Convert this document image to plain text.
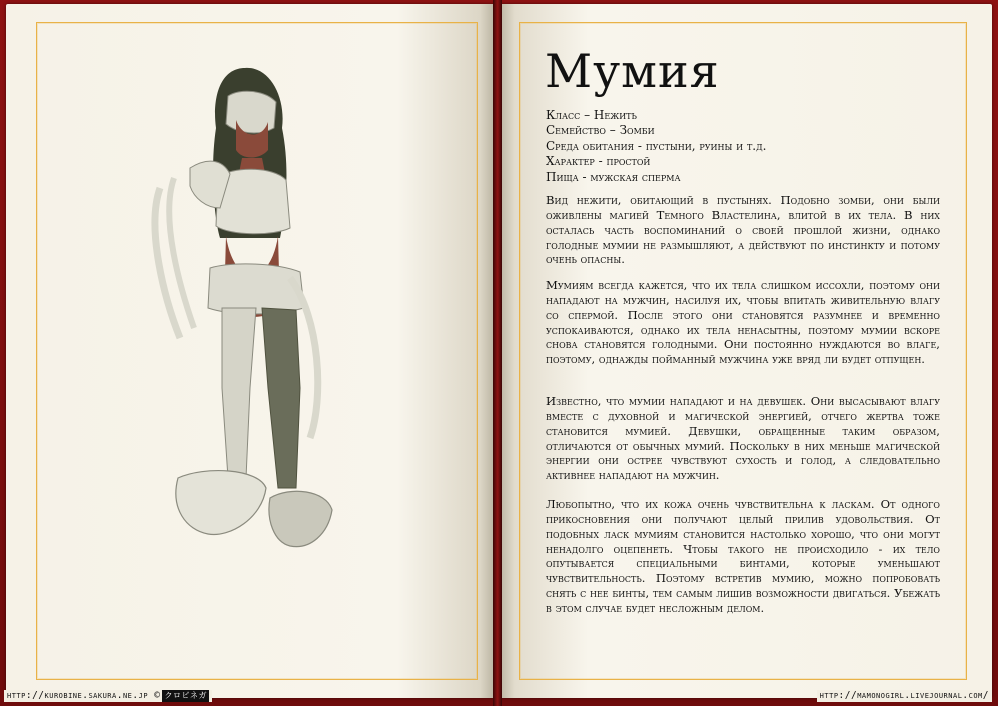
Мумия
Класс – Нежить
Семейство – Зомби
Среда обитания - пустыни, руины и т.д.
Характер - простой
Пища - мужская сперма
Вид нежити, обитающий в пустынях. Подобно зомби, они были оживлены магией Темного Властелина, влитой в их тела. В них осталась часть воспоминаний о своей прошлой жизни, однако голодные мумии не размышляют, а действуют по инстинкту и потому очень опасны.
Мумиям всегда кажется, что их тела слишком иссохли, поэтому они нападают на мужчин, насилуя их, чтобы впитать живительную влагу со спермой. После этого они становятся разумнее и временно успокаиваются, однако их тела ненасытны, поэтому мумии вскоре снова становятся голодными. Они постоянно нуждаются во влаге, поэтому, однажды пойманный мужчина уже вряд ли будет отпущен.
Известно, что мумии нападают и на девушек. Они высасывают влагу вместе с духовной и магической энергией, отчего жертва тоже становится мумией. Девушки, обращенные таким образом, отличаются от обычных мумий. Поскольку в них меньше магической энергии они острее чувствуют сухость и голод, а следовательно активнее нападают на мужчин.
Любопытно, что их кожа очень чувствительна к ласкам. От одного прикосновения они получают целый прилив удовольствия. От подобных ласк мумиям становится настолько хорошо, что они могут ненадолго оцепенеть. Чтобы такого не происходило - их тело опутывается специальными бинтами, которые уменьшают чувствительность. Поэтому встретив мумию, можно попробовать снять с нее бинты, тем самым лишив возможности двигаться. Убежать в этом случае будет несложным делом.
http://kurobine.sakura.ne.jp © クロビネガ	http://mamonogirl.livejournal.com/
